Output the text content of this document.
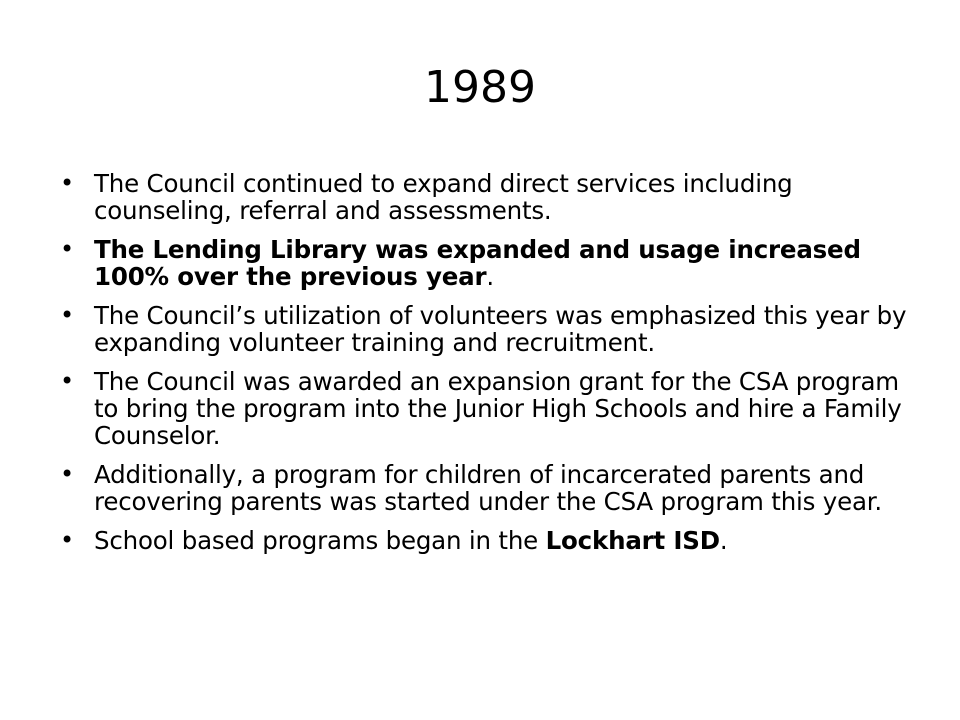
1989
• The Council continued to expand direct services including counseling, referral and assessments.
• The Lending Library was expanded and usage increased 100% over the previous year.
• The Council’s utilization of volunteers was emphasized this year by expanding volunteer training and recruitment.
• The Council was awarded an expansion grant for the CSA program to bring the program into the Junior High Schools and hire a Family Counselor.
• Additionally, a program for children of incarcerated parents and recovering parents was started under the CSA program this year.
• School based programs began in the Lockhart ISD.
